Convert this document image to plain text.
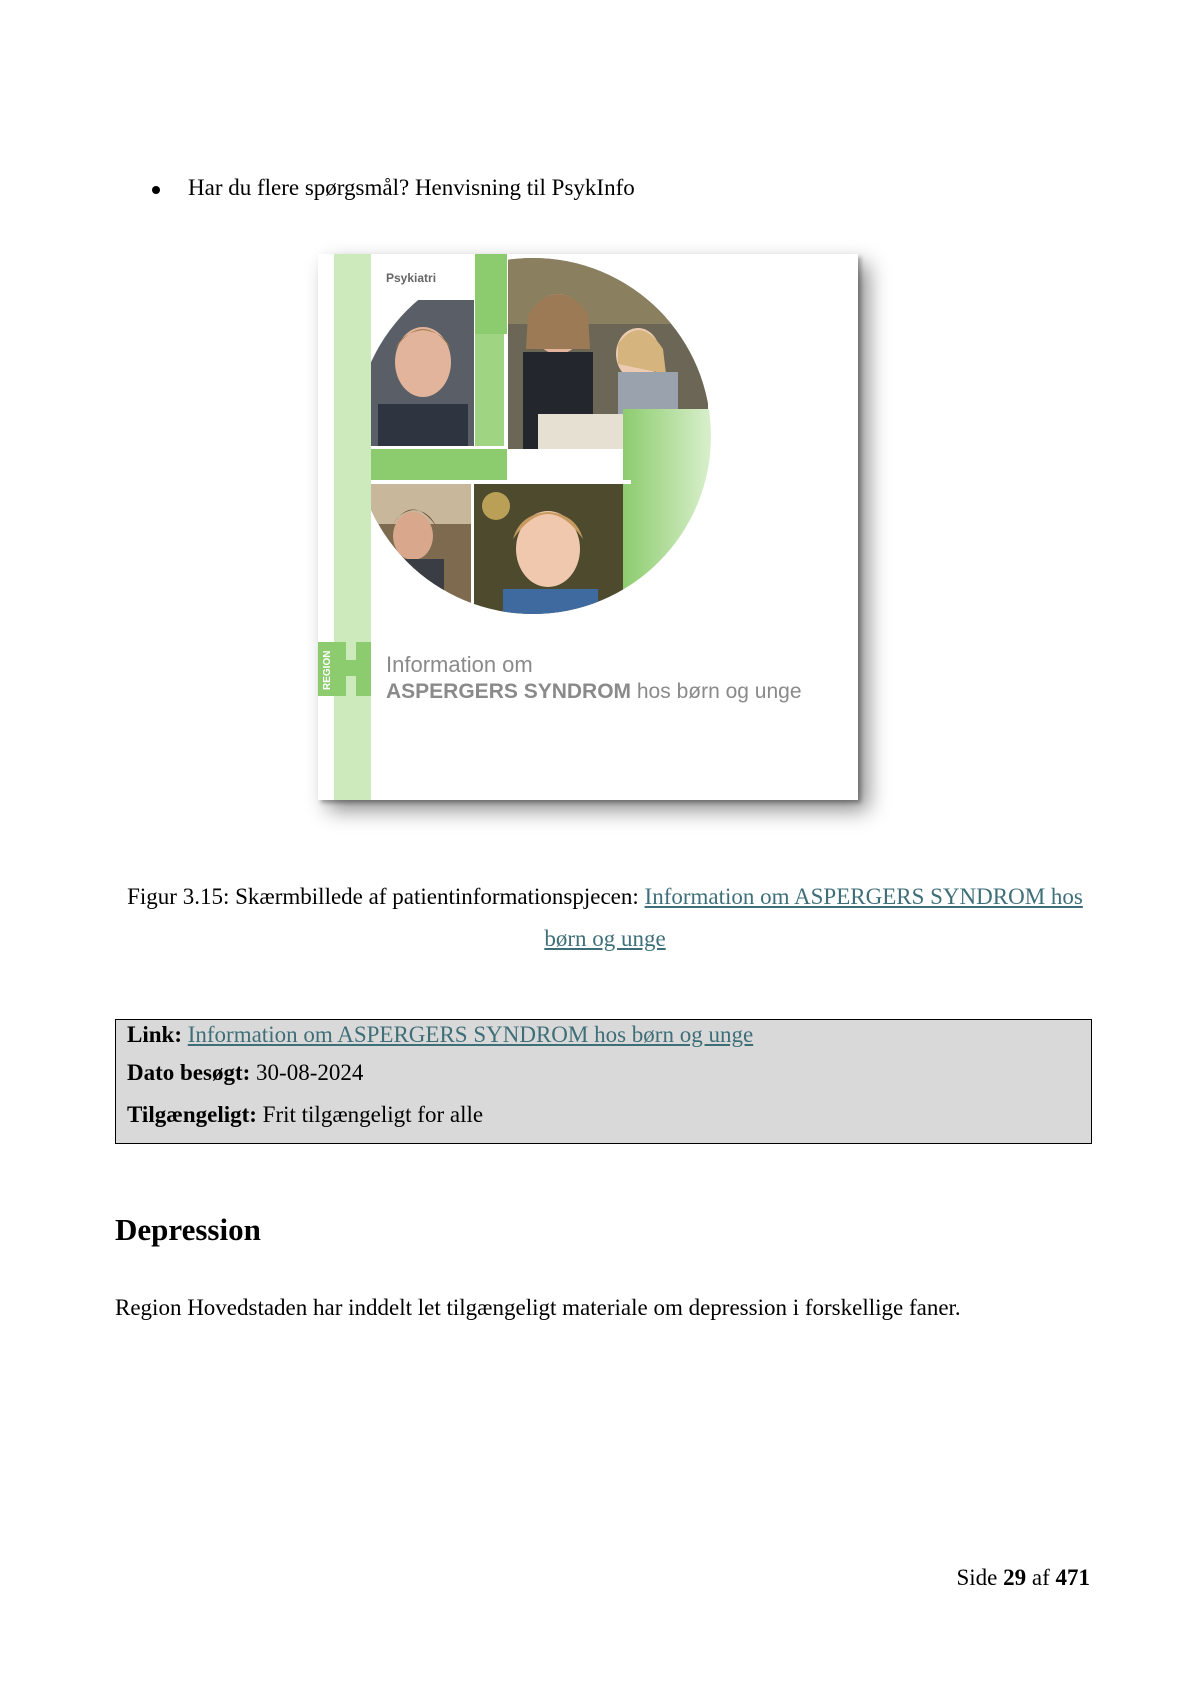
Har du flere spørgsmål? Henvisning til PsykInfo
Psykiatri
REGION Information om
ASPERGERS SYNDROM hos børn og unge
Figur 3.15: Skærmbillede af patientinformationspjecen: Information om ASPERGERS SYNDROM hos børn og unge
Link: Information om ASPERGERS SYNDROM hos børn og unge
Dato besøgt: 30-08-2024
Tilgængeligt: Frit tilgængeligt for alle
Depression
Region Hovedstaden har inddelt let tilgængeligt materiale om depression i forskellige faner.
Side 29 af 471
